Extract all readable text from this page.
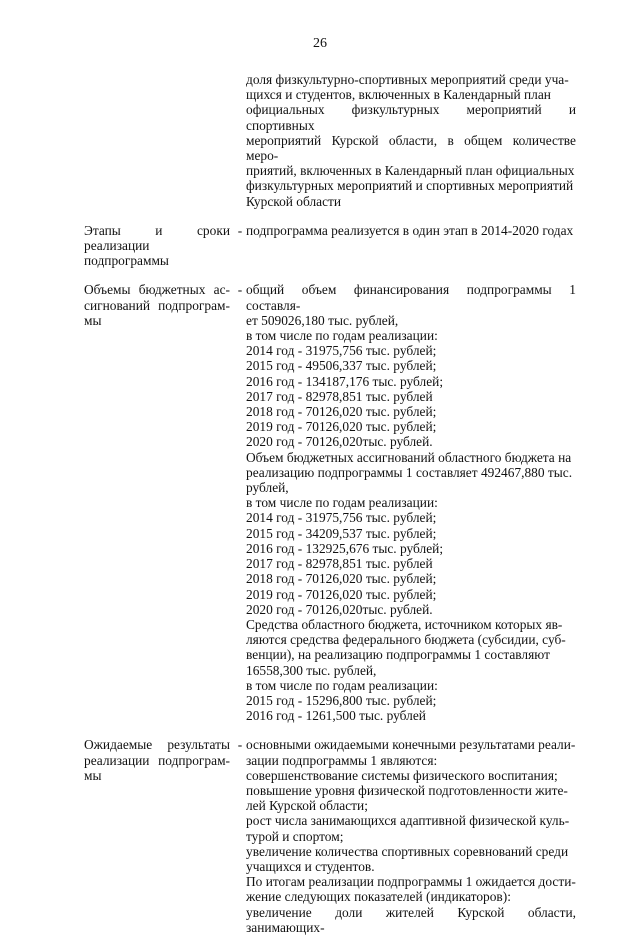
26
доля физкультурно-спортивных мероприятий среди уча-
щихся и студентов, включенных в Календарный план
официальных физкультурных мероприятий и спортивных
мероприятий Курской области, в общем количестве меро-
приятий, включенных в Календарный план официальных
физкультурных мероприятий и спортивных мероприятий
Курской области
Этапы и сроки реализации подпрограммы
- подпрограмма реализуется в один этап в 2014-2020 годах
Объемы бюджетных ас-сигнований подпрограм-мы
- общий объем финансирования подпрограммы 1 составля-
ет 509026,180 тыс. рублей,
в том числе по годам реализации:
2014 год - 31975,756 тыс. рублей;
2015 год - 49506,337 тыс. рублей;
2016 год - 134187,176 тыс. рублей;
2017 год - 82978,851 тыс. рублей
2018 год - 70126,020 тыс. рублей;
2019 год - 70126,020 тыс. рублей;
2020 год - 70126,020тыс. рублей.
Объем бюджетных ассигнований областного бюджета на
реализацию подпрограммы 1 составляет 492467,880 тыс.
рублей,
в том числе по годам реализации:
2014 год - 31975,756 тыс. рублей;
2015 год - 34209,537 тыс. рублей;
2016 год - 132925,676 тыс. рублей;
2017 год - 82978,851 тыс. рублей
2018 год - 70126,020 тыс. рублей;
2019 год - 70126,020 тыс. рублей;
2020 год - 70126,020тыс. рублей.
Средства областного бюджета, источником которых яв-
ляются средства федерального бюджета (субсидии, суб-
венции), на реализацию подпрограммы 1 составляют
16558,300 тыс. рублей,
в том числе по годам реализации:
2015 год - 15296,800 тыс. рублей;
2016 год - 1261,500 тыс. рублей
Ожидаемые результаты реализации подпрограм-мы
- основными ожидаемыми конечными результатами реали-
зации подпрограммы 1 являются:
совершенствование системы физического воспитания;
повышение уровня физической подготовленности жите-
лей Курской области;
рост числа занимающихся адаптивной физической куль-
турой и спортом;
увеличение количества спортивных соревнований среди
учащихся и студентов.
По итогам реализации подпрограммы 1 ожидается дости-
жение следующих показателей (индикаторов):
увеличение доли жителей Курской области, занимающих-
